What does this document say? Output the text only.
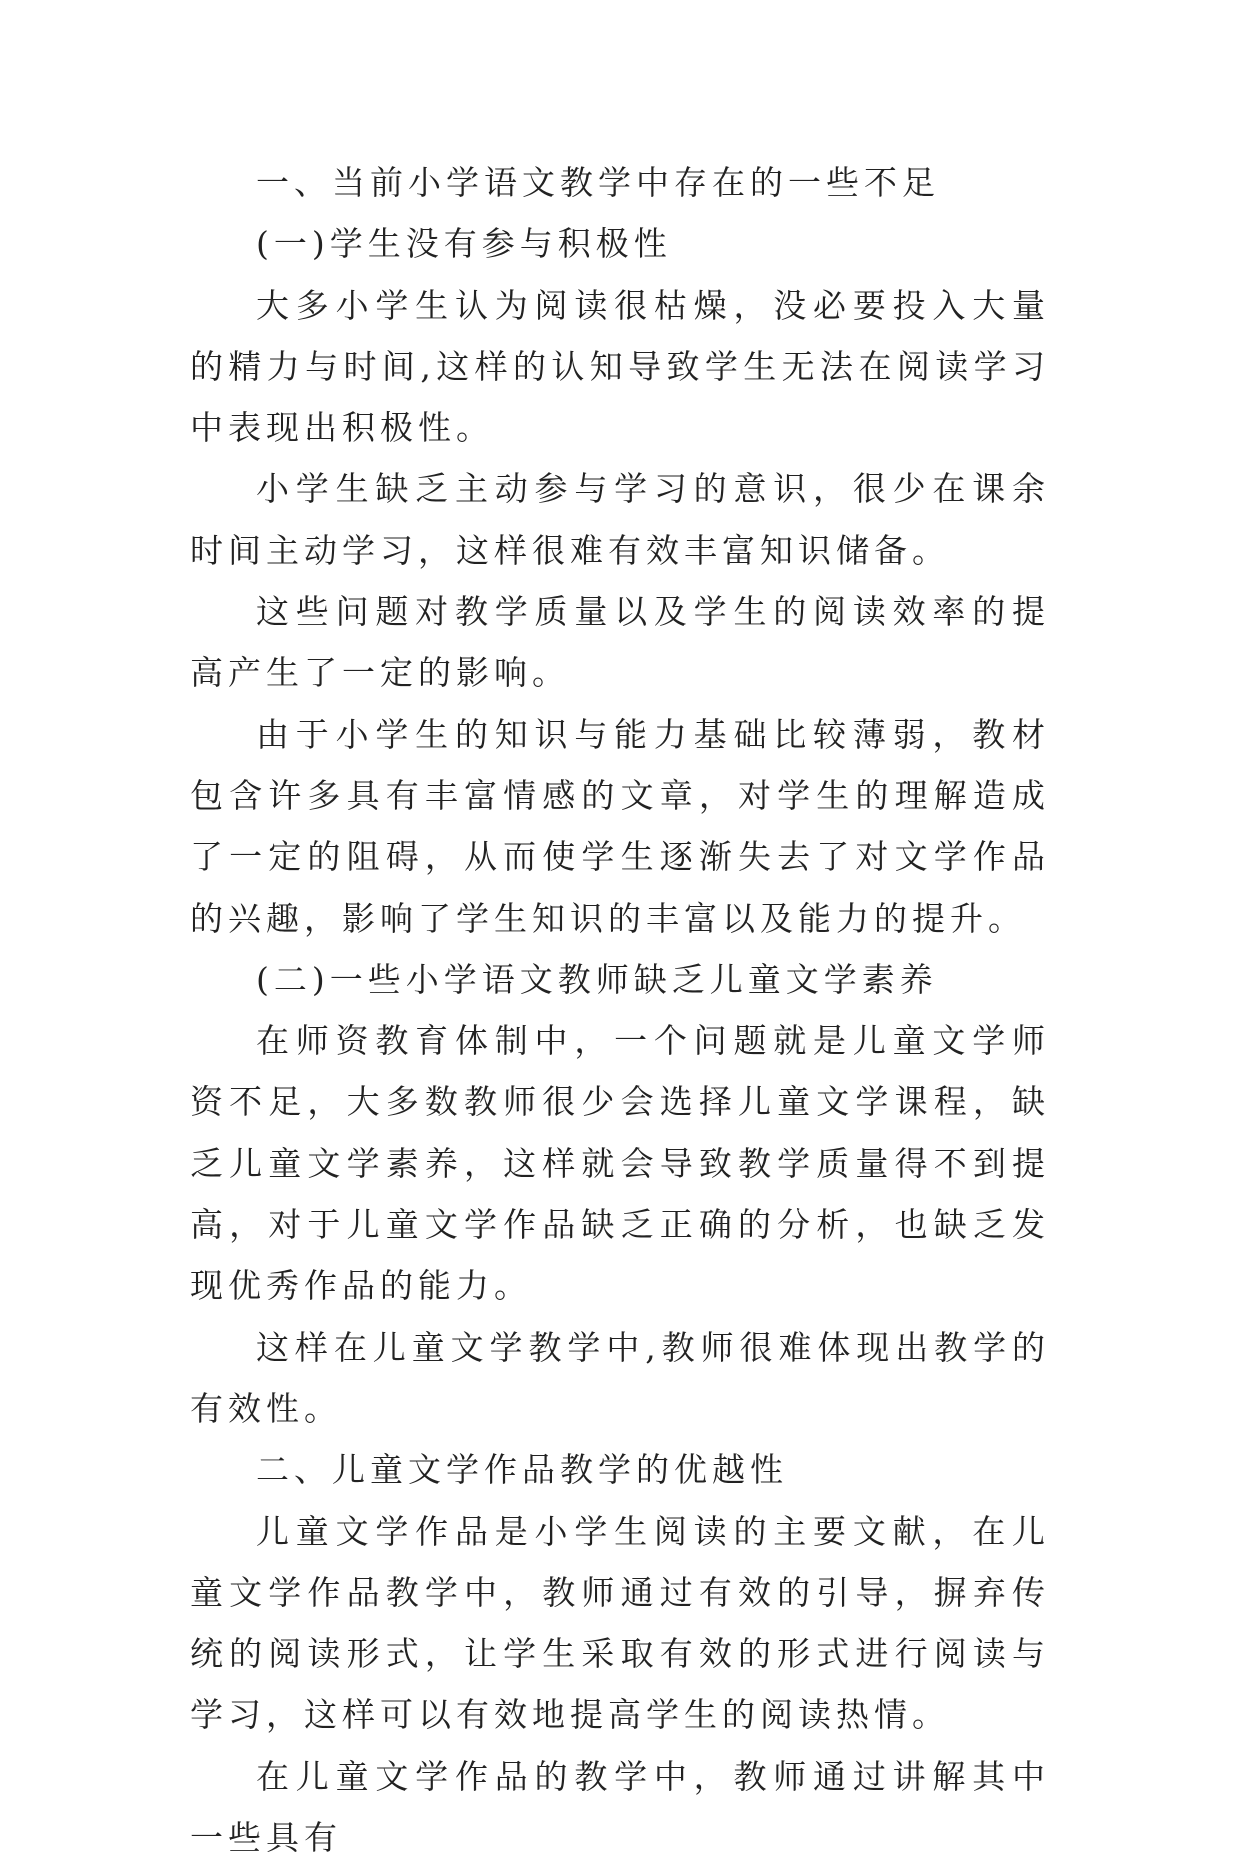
一、当前小学语文教学中存在的一些不足

(一)学生没有参与积极性

大多小学生认为阅读很枯燥，没必要投入大量的精力与时间,这样的认知导致学生无法在阅读学习中表现出积极性。

小学生缺乏主动参与学习的意识，很少在课余时间主动学习，这样很难有效丰富知识储备。

这些问题对教学质量以及学生的阅读效率的提高产生了一定的影响。

由于小学生的知识与能力基础比较薄弱，教材包含许多具有丰富情感的文章，对学生的理解造成了一定的阻碍，从而使学生逐渐失去了对文学作品的兴趣，影响了学生知识的丰富以及能力的提升。

(二)一些小学语文教师缺乏儿童文学素养

在师资教育体制中，一个问题就是儿童文学师资不足，大多数教师很少会选择儿童文学课程，缺乏儿童文学素养，这样就会导致教学质量得不到提高，对于儿童文学作品缺乏正确的分析，也缺乏发现优秀作品的能力。

这样在儿童文学教学中,教师很难体现出教学的有效性。

二、儿童文学作品教学的优越性

儿童文学作品是小学生阅读的主要文献，在儿童文学作品教学中，教师通过有效的引导，摒弃传统的阅读形式，让学生采取有效的形式进行阅读与学习，这样可以有效地提高学生的阅读热情。

在儿童文学作品的教学中，教师通过讲解其中一些具有
